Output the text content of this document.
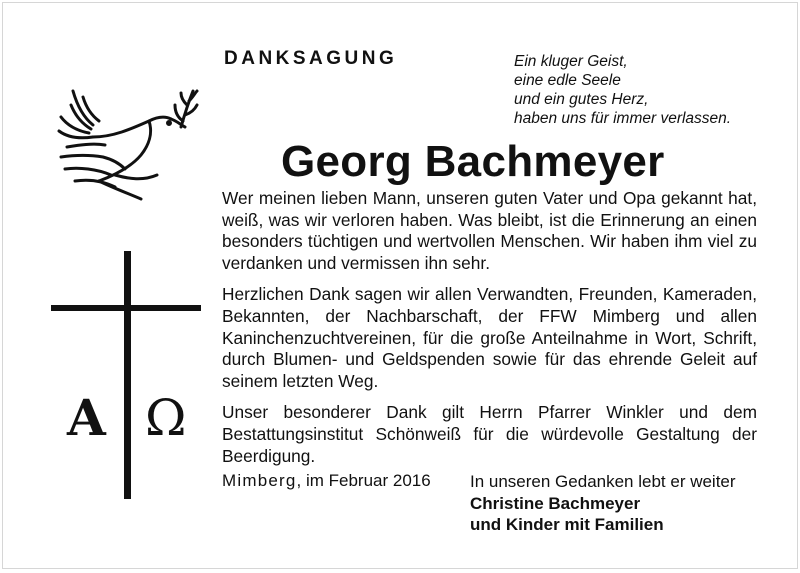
A Ω
DANKSAGUNG	Ein kluger Geist,
eine edle Seele
und ein gutes Herz,
haben uns für immer verlassen.
Georg Bachmeyer

Wer meinen lieben Mann, unseren guten Vater und Opa gekannt hat, weiß, was wir verloren haben. Was bleibt, ist die Erinnerung an einen besonders tüchtigen und wertvollen Menschen. Wir haben ihm viel zu verdanken und vermissen ihn sehr.

Herzlichen Dank sagen wir allen Verwandten, Freunden, Kameraden, Bekannten, der Nachbarschaft, der FFW Mimberg und allen Kaninchenzuchtvereinen, für die große Anteilnahme in Wort, Schrift, durch Blumen- und Geldspenden sowie für das ehrende Geleit auf seinem letzten Weg.

Unser besonderer Dank gilt Herrn Pfarrer Winkler und dem Bestattungsinstitut Schönweiß für die würdevolle Gestaltung der Beerdigung.

Mimberg, im Februar 2016 In unseren Gedanken lebt er weiter
Christine Bachmeyer
und Kinder mit Familien
